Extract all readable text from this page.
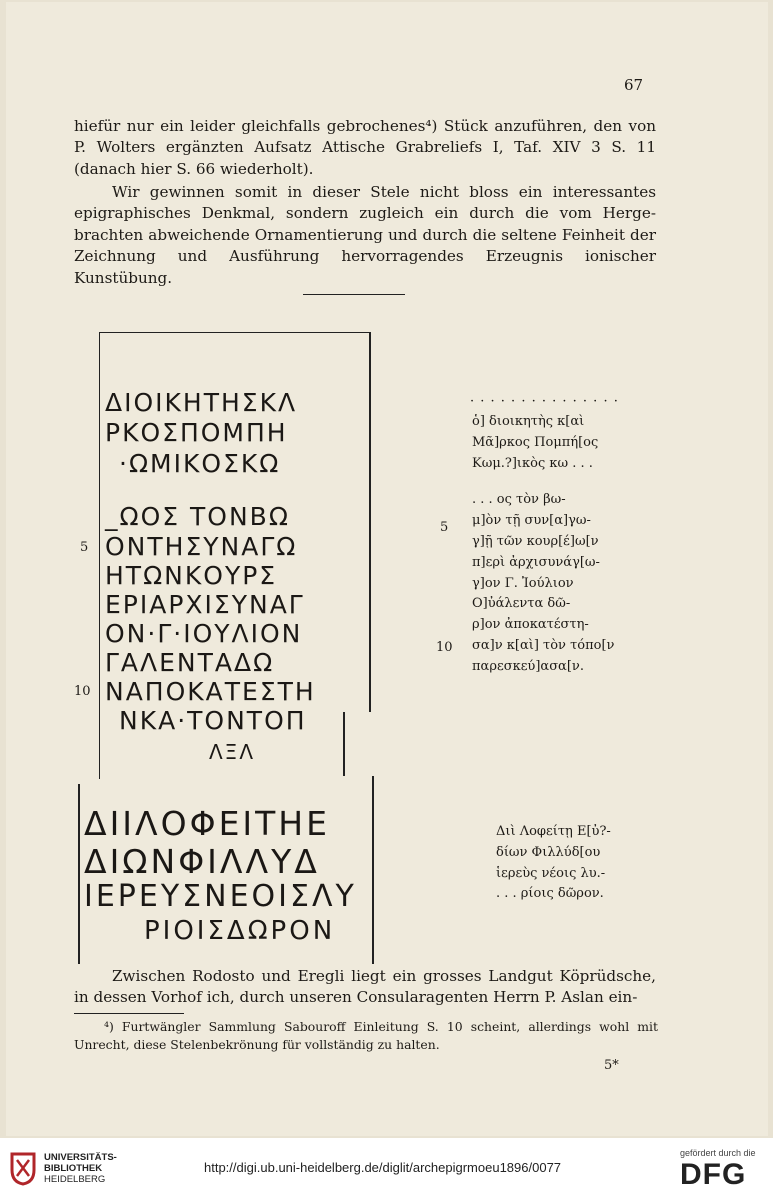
67

hiefür nur ein leider gleichfalls gebrochenes⁴) Stück anzuführen, den von P. Wolters ergänzten Aufsatz Attische Grabreliefs I, Taf. XIV 3 S. 11 (danach hier S. 66 wiederholt).

Wir gewinnen somit in dieser Stele nicht bloss ein interessantes epigraphisches Denkmal, sondern zugleich ein durch die vom Hergebrachten abweichende Ornamentierung und durch die seltene Feinheit der Zeichnung und Ausführung hervorragendes Erzeugnis ionischer Kunstübung.

ΔΙΟΙΚΗΤΗΣΚΛ
ΡΚΟΣΠΟΜΠΗ
·ΩΜΙΚΟΣΚΩ
_ΩΟΣ ΤΟΝΒΩ
ΟΝΤΗΣΥΝΑΓΩ
ΗΤΩΝΚΟΥΡΣ
ΕΡΙΑΡΧΙΣΥΝΑΓ
ΟΝ·Γ·ΙΟΥΛΙΟΝ
ΓΑΛΕΝΤΑΔΩ
ΝΑΠΟΚΑΤΕΣΤΗ
ΝΚΑ·ΤΟΝΤΟΠ
ΛΞΛ
5
10
· · · · · · · · · · · · · · ·
ὁ] διοικητὴς κ[αὶ
Μᾶ]ρκος Πομπή[ος
Κωμ.?]ικὸς κω . . .
. . . ος τὸν βω-
μ]ὸν τῇ συν[α]γω-
γ]ῇ τῶν κουρ[έ]ω[ν
π]ερὶ ἀρχισυνάγ[ω-
γ]ον Γ. Ἰούλιον
Ο]ὐάλεντα δῶ-
ρ]ον ἀποκατέστη-
σα]ν κ[αὶ] τὸν τόπο[ν
παρεσκεύ]ασα[ν.
5
10
ΔΙΙΛΟΦΕΙΤΗΕ
ΔΙΩΝΦΙΛΛΥΔ
ΙΕΡΕΥΣΝΕΟΙΣΛΥ
ΡΙΟΙΣΔΩΡΟΝ
Διὶ Λοφείτῃ Ε[ὐ?-
δίων Φιλλύδ[ου
ἱερεὺς νέοις λυ.-
. . . ρίοις δῶρον.

Zwischen Rodosto und Eregli liegt ein grosses Landgut Köprüdsche, in dessen Vorhof ich, durch unseren Consularagenten Herrn P. Aslan ein-

⁴) Furtwängler Sammlung Sabouroff Einleitung S. 10 scheint, allerdings wohl mit Unrecht, diese Stelenbekrönung für vollständig zu halten.
5*
UNIVERSITÄTS-
BIBLIOTHEK
HEIDELBERG
http://digi.ub.uni-heidelberg.de/diglit/archepigrmoeu1896/0077
gefördert durch die
DFG
